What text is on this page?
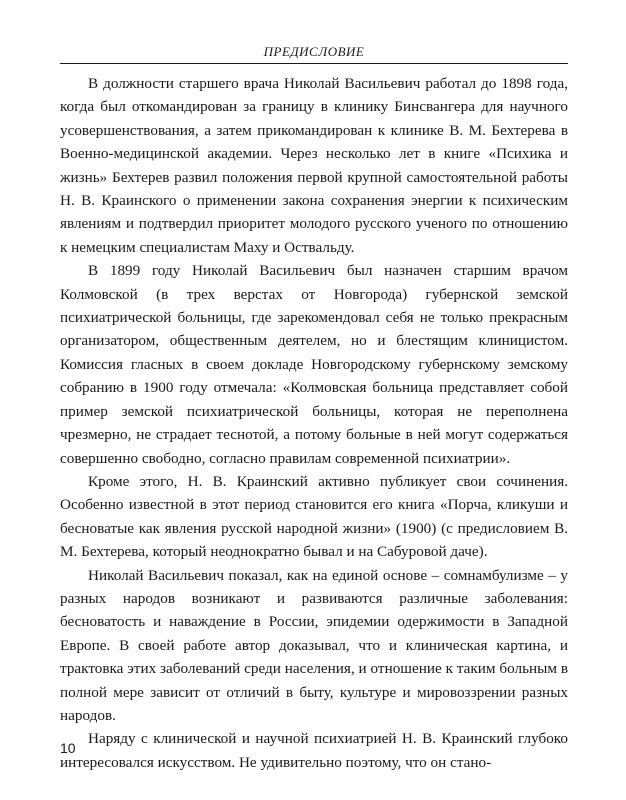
ПРЕДИСЛОВИЕ

В должности старшего врача Николай Васильевич работал до 1898 года, когда был откомандирован за границу в клинику Бинсвангера для научного усовершенствования, а затем прикомандирован к клинике В. М. Бехтерева в Военно-медицинской академии. Через несколько лет в книге «Психика и жизнь» Бехтерев развил положения первой крупной самостоятельной работы Н. В. Краинского о применении закона сохранения энергии к психическим явлениям и подтвердил приоритет молодого русского ученого по отношению к немецким специалистам Маху и Оствальду.

В 1899 году Николай Васильевич был назначен старшим врачом Колмовской (в трех верстах от Новгорода) губернской земской психиатрической больницы, где зарекомендовал себя не только прекрасным организатором, общественным деятелем, но и блестящим клиницистом. Комиссия гласных в своем докладе Новгородскому губернскому земскому собранию в 1900 году отмечала: «Колмовская больница представляет собой пример земской психиатрической больницы, которая не переполнена чрезмерно, не страдает теснотой, а потому больные в ней могут содержаться совершенно свободно, согласно правилам современной психиатрии».

Кроме этого, Н. В. Краинский активно публикует свои сочинения. Особенно известной в этот период становится его книга «Порча, кликуши и бесноватые как явления русской народной жизни» (1900) (с предисловием В. М. Бехтерева, который неоднократно бывал и на Сабуровой даче).

Николай Васильевич показал, как на единой основе – сомнамбулизме – у разных народов возникают и развиваются различные заболевания: бесноватость и наваждение в России, эпидемии одержимости в Западной Европе. В своей работе автор доказывал, что и клиническая картина, и трактовка этих заболеваний среди населения, и отношение к таким больным в полной мере зависит от отличий в быту, культуре и мировоззрении разных народов.

Наряду с клинической и научной психиатрией Н. В. Краинский глубоко интересовался искусством. Не удивительно поэтому, что он стано-

10
